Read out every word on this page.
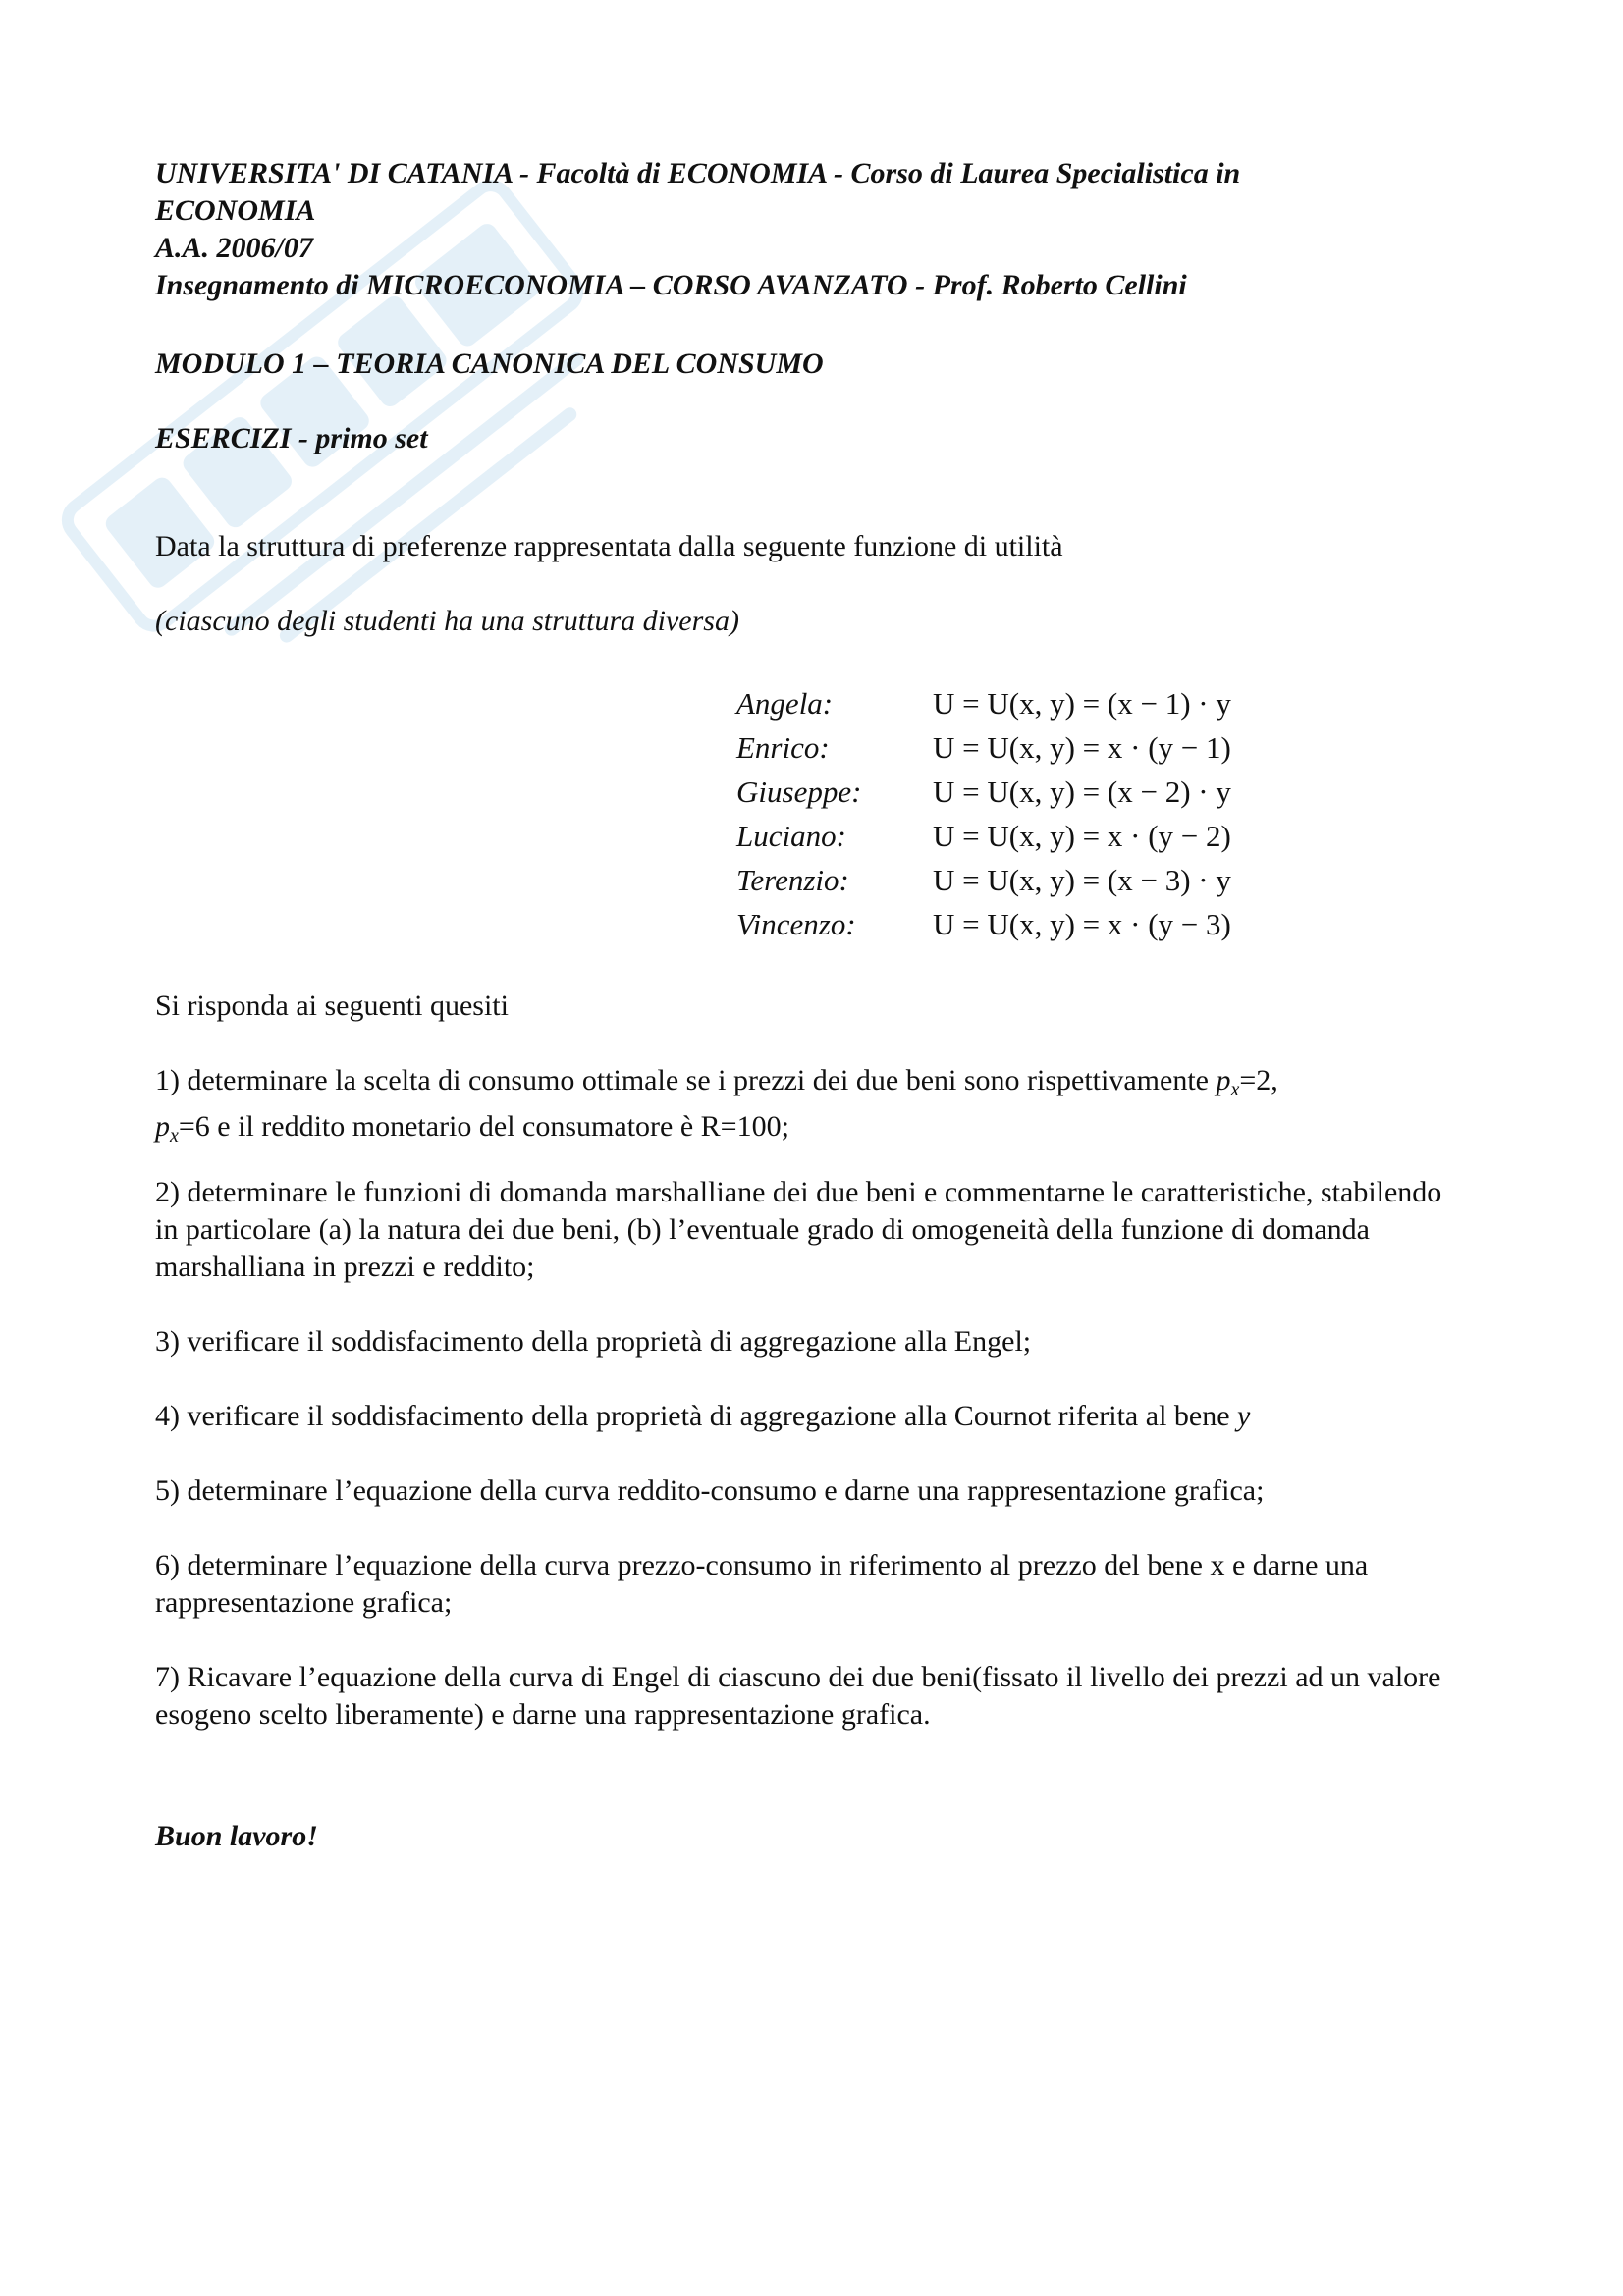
UNIVERSITA' DI CATANIA - Facoltà di ECONOMIA - Corso di Laurea Specialistica in
ECONOMIA
A.A. 2006/07
Insegnamento di MICROECONOMIA – CORSO AVANZATO - Prof. Roberto Cellini
MODULO 1 – TEORIA CANONICA DEL CONSUMO
ESERCIZI - primo set
Data la struttura di preferenze rappresentata dalla seguente funzione di utilità
(ciascuno degli studenti ha una struttura diversa)
Angela:	U = U(x, y) = (x − 1) · y
Enrico:	U = U(x, y) = x · (y − 1)
Giuseppe:	U = U(x, y) = (x − 2) · y
Luciano:	U = U(x, y) = x · (y − 2)
Terenzio:	U = U(x, y) = (x − 3) · y
Vincenzo:	U = U(x, y) = x · (y − 3)
Si risponda ai seguenti quesiti
1) determinare la scelta di consumo ottimale se i prezzi dei due beni sono rispettivamente $p_x=2$,
$p_x=6$ e il reddito monetario del consumatore è R=100;
2) determinare le funzioni di domanda marshalliane dei due beni e commentarne le caratteristiche, stabilendo in particolare (a) la natura dei due beni, (b) l’eventuale grado di omogeneità della funzione di domanda marshalliana in prezzi e reddito;
3) verificare il soddisfacimento della proprietà di aggregazione alla Engel;
4) verificare il soddisfacimento della proprietà di aggregazione alla Cournot riferita al bene y
5) determinare l’equazione della curva reddito-consumo e darne una rappresentazione grafica;
6) determinare l’equazione della curva prezzo-consumo in riferimento al prezzo del bene x e darne una rappresentazione grafica;
7) Ricavare l’equazione della curva di Engel di ciascuno dei due beni(fissato il livello dei prezzi ad un valore esogeno scelto liberamente) e darne una rappresentazione grafica.
Buon lavoro!
